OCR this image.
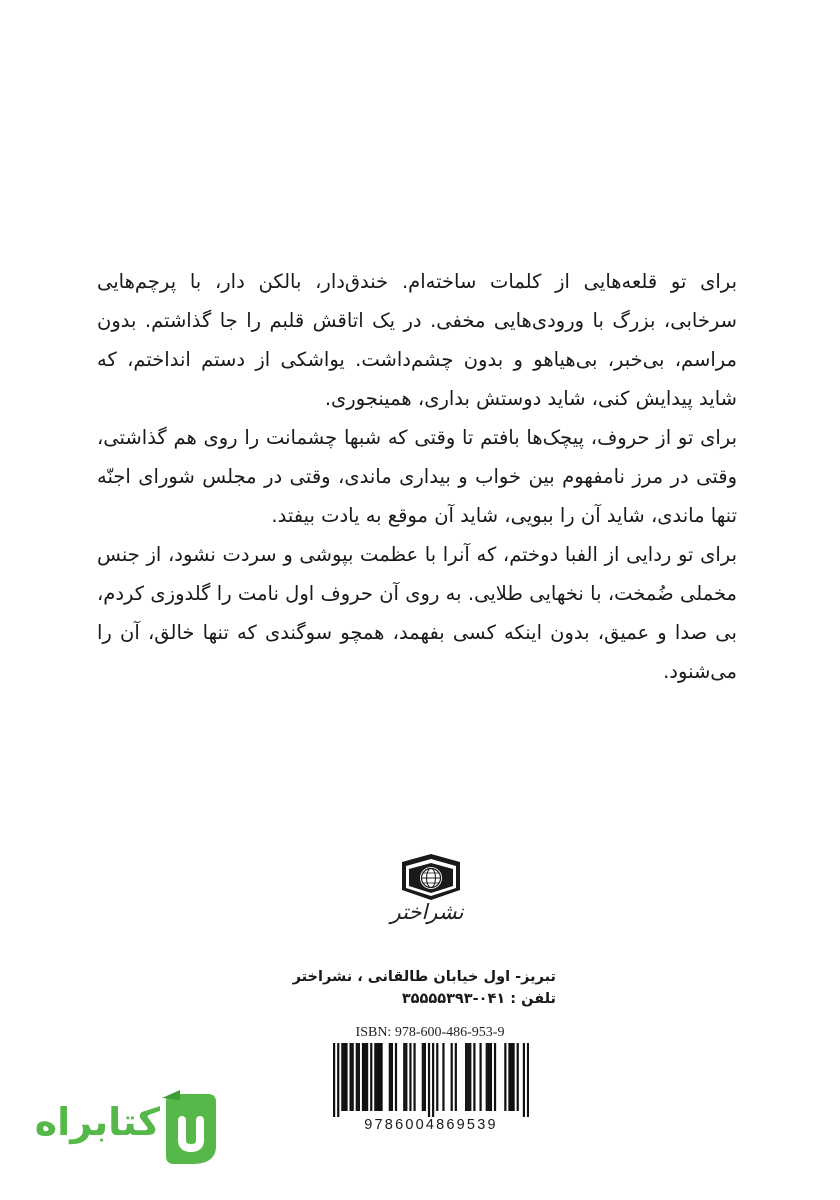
برای تو قلعه‌هایی از کلمات ساخته‌ام. خندق‌دار، بالکن دار، با پرچم‌هایی سرخابی، بزرگ با ورودی‌هایی مخفی. در یک اتاقش قلبم را جا گذاشتم. بدون مراسم، بی‌خبر، بی‌هیاهو و بدون چشم‌داشت. یواشکی از دستم انداختم، که شاید پیدایش کنی، شاید دوستش بداری، همینجوری.

برای تو از حروف، پیچک‌ها بافتم تا وقتی که شبها چشمانت را روی هم گذاشتی، وقتی در مرز نامفهوم بین خواب و بیداری ماندی، وقتی در مجلس شورای اجنّه تنها ماندی، شاید آن را ببویی، شاید آن موقع به یادت بیفتد.

برای تو ردایی از الفبا دوختم، که آنرا با عظمت بپوشی و سردت نشود، از جنس مخملی ضُمخت، با نخهایی طلایی. به روی آن حروف اول نامت را گلدوزی کردم، بی صدا و عمیق، بدون اینکه کسی بفهمد، همچو سوگندی که تنها خالق، آن را می‌شنود.

نشراختر
تبریز- اول خیابان طالقانی ، نشراختر
تلفن : ۰۴۱-۳۵۵۵۵۳۹۳
ISBN: 978-600-486-953-9
9786004869539
کتابراه
